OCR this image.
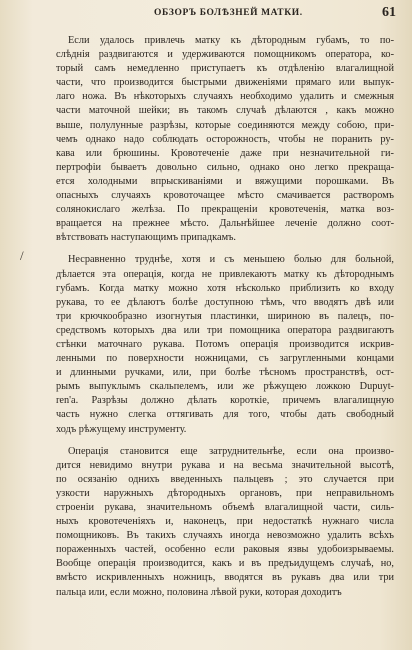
ОБЗОРЪ БОЛѢЗНЕЙ МАТКИ.	61
/
Если удалось привлечь матку къ дѣтородным губамъ, то по-
слѣднія раздвигаются и удерживаются помощникомъ оператора, ко-
торый самъ немедленно приступаетъ къ отдѣленію влагалищной
части, что производится быстрыми движеніями прямаго или выпук-
лаго ножа. Въ нѣкоторыхъ случаяхъ необходимо удалить и смежныя
части маточной шейки; въ такомъ случаѣ дѣлаются , какъ можно
выше, полулунные разрѣзы, которые соединяются между собою, при-
чемъ однако надо соблюдать осторожность, чтобы не поранить ру-
кава или брюшины. Кровотеченіе даже при незначительной ги-
пертрофіи бываетъ довольно сильно, однако оно легко прекраща-
ется холодными впрыскиваніями и вяжущими порошками. Въ
опасныхъ случаяхъ кровоточащее мѣсто смачивается растворомъ
солянокислаго желѣза. По прекращеніи кровотеченія, матка воз-
вращается на прежнее мѣсто. Дальнѣйшее леченіе должно соот-
вѣтствовать наступающимъ припадкамъ.
Несравненно труднѣе, хотя и съ меньшею болью для больной,
дѣлается эта операція, когда не привлекаютъ матку къ дѣтороднымъ
губамъ. Когда матку можно хотя нѣсколько приблизить ко входу
рукава, то ее дѣлаютъ болѣе доступною тѣмъ, что вводятъ двѣ или
три крючкообразно изогнутыя пластинки, шириною въ палецъ, по-
средствомъ которыхъ два или три помощника оператора раздвигаютъ
стѣнки маточнаго рукава. Потомъ операція производится искрив-
ленными по поверхности ножницами, съ загругленными концами
и длинными ручками, или, при болѣе тѣсномъ пространствѣ, ост-
рымъ выпуклымъ скальпелемъ, или же рѣжущею ложкою Dupuyt-
ren'а. Разрѣзы должно дѣлать короткіе, причемъ влагалищную
часть нужно слегка оттягивать для того, чтобы дать свободный
ходъ рѣжущему инструменту.
Операція становится еще затруднительнѣе, если она произво-
дится невидимо внутри рукава и на весьма значительной высотѣ,
по осязанію однихъ введенныхъ пальцевъ ; это случается при
узкости наружныхъ дѣтородныхъ органовъ, при неправильномъ
строеніи рукава, значительномъ объемѣ влагалищной части, силь-
ныхъ кровотеченіяхъ и, наконецъ, при недостаткѣ нужнаго числа
помощниковъ. Въ такихъ случаяхъ иногда невозможно удалить всѣхъ
пораженныхъ частей, особенно если раковыя язвы удобоизрываемы.
Вообще операція производится, какъ и въ предъидущемъ случаѣ, но,
вмѣсто искривленныхъ ножницъ, вводятся въ рукавъ два или три
пальца или, если можно, половина лѣвой руки, которая доходитъ
